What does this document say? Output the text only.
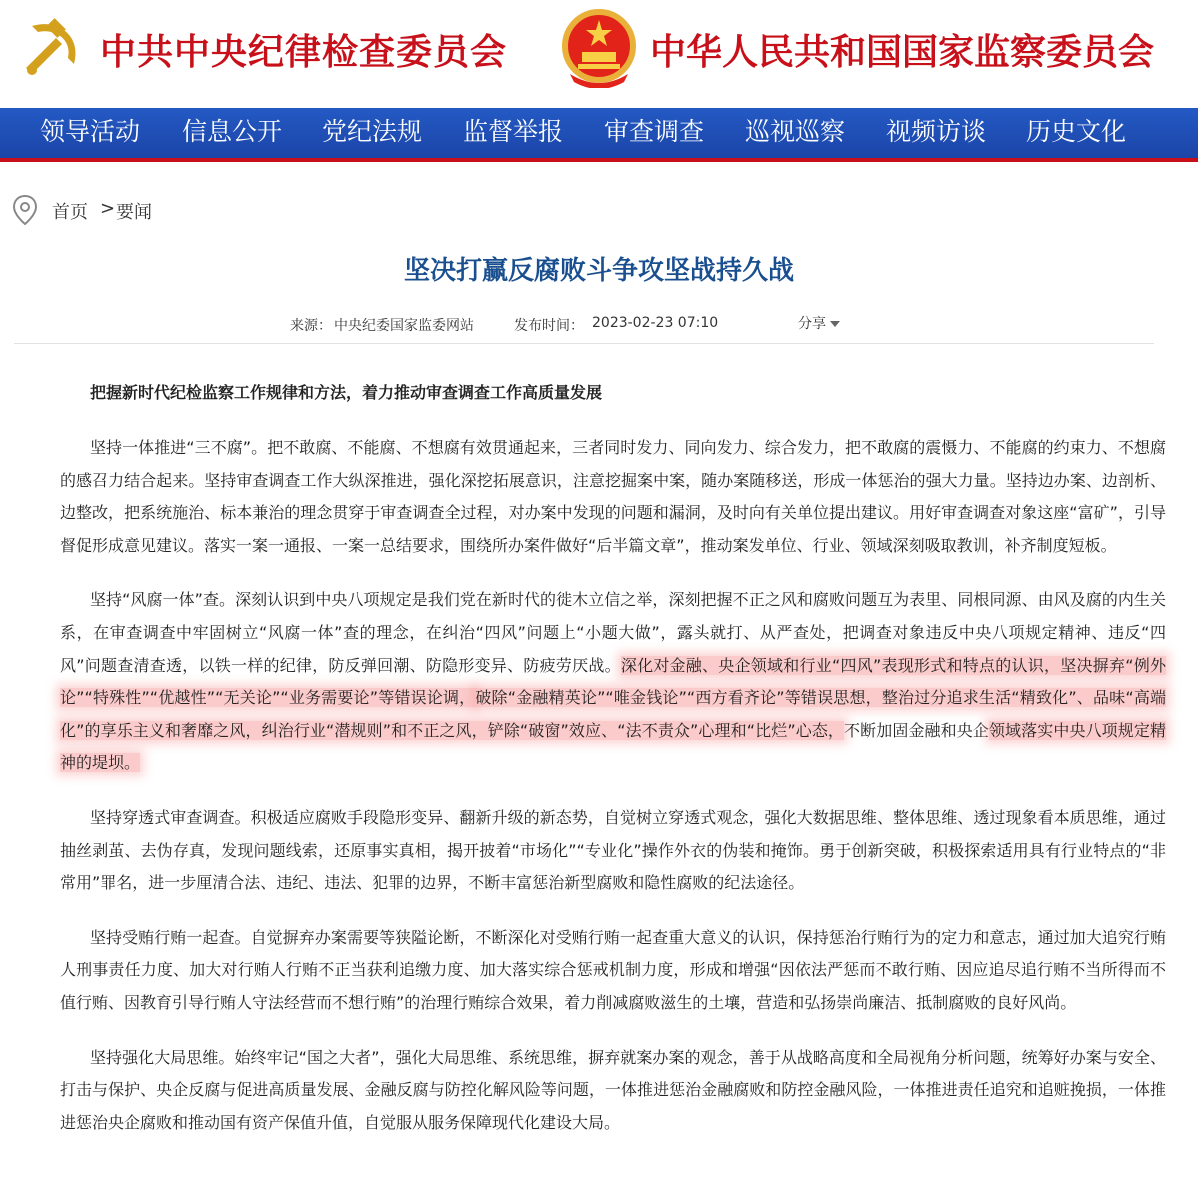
中共中央纪律检查委员会	中华人民共和国国家监察委员会
领导活动 信息公开 党纪法规 监督举报 审查调查 巡视巡察 视频访谈 历史文化
首页 > 要闻
坚决打赢反腐败斗争攻坚战持久战
来源： 中央纪委国家监委网站	发布时间： 2023-02-23 07:10	分享
把握新时代纪检监察工作规律和方法，着力推动审查调查工作高质量发展

坚持一体推进“三不腐”。把不敢腐、不能腐、不想腐有效贯通起来，三者同时发力、同向发力、综合发力，把不敢腐的震慑力、不能腐的约束力、不想腐的感召力结合起来。坚持审查调查工作大纵深推进，强化深挖拓展意识，注意挖掘案中案，随办案随移送，形成一体惩治的强大力量。坚持边办案、边剖析、边整改，把系统施治、标本兼治的理念贯穿于审查调查全过程，对办案中发现的问题和漏洞，及时向有关单位提出建议。用好审查调查对象这座“富矿”，引导督促形成意见建议。落实一案一通报、一案一总结要求，围绕所办案件做好“后半篇文章”，推动案发单位、行业、领域深刻吸取教训，补齐制度短板。

坚持“风腐一体”查。深刻认识到中央八项规定是我们党在新时代的徙木立信之举，深刻把握不正之风和腐败问题互为表里、同根同源、由风及腐的内生关系，在审查调查中牢固树立“风腐一体”查的理念，在纠治“四风”问题上“小题大做”，露头就打、从严查处，把调查对象违反中央八项规定精神、违反“四风”问题查清查透，以铁一样的纪律，防反弹回潮、防隐形变异、防疲劳厌战。深化对金融、央企领域和行业“四风”表现形式和特点的认识，坚决摒弃“例外论”“特殊性”“优越性”“无关论”“业务需要论”等错误论调，破除“金融精英论”“唯金钱论”“西方看齐论”等错误思想，整治过分追求生活“精致化”、品味“高端化”的享乐主义和奢靡之风，纠治行业“潜规则”和不正之风，铲除“破窗”效应、“法不责众”心理和“比烂”心态，不断加固金融和央企领域落实中央八项规定精神的堤坝。

坚持穿透式审查调查。积极适应腐败手段隐形变异、翻新升级的新态势，自觉树立穿透式观念，强化大数据思维、整体思维、透过现象看本质思维，通过抽丝剥茧、去伪存真，发现问题线索，还原事实真相，揭开披着“市场化”“专业化”操作外衣的伪装和掩饰。勇于创新突破，积极探索适用具有行业特点的“非常用”罪名，进一步厘清合法、违纪、违法、犯罪的边界，不断丰富惩治新型腐败和隐性腐败的纪法途径。

坚持受贿行贿一起查。自觉摒弃办案需要等狭隘论断，不断深化对受贿行贿一起查重大意义的认识，保持惩治行贿行为的定力和意志，通过加大追究行贿人刑事责任力度、加大对行贿人行贿不正当获利追缴力度、加大落实综合惩戒机制力度，形成和增强“因依法严惩而不敢行贿、因应追尽追行贿不当所得而不值行贿、因教育引导行贿人守法经营而不想行贿”的治理行贿综合效果，着力削减腐败滋生的土壤，营造和弘扬崇尚廉洁、抵制腐败的良好风尚。

坚持强化大局思维。始终牢记“国之大者”，强化大局思维、系统思维，摒弃就案办案的观念，善于从战略高度和全局视角分析问题，统筹好办案与安全、打击与保护、央企反腐与促进高质量发展、金融反腐与防控化解风险等问题，一体推进惩治金融腐败和防控金融风险，一体推进责任追究和追赃挽损，一体推进惩治央企腐败和推动国有资产保值升值，自觉服从服务保障现代化建设大局。
